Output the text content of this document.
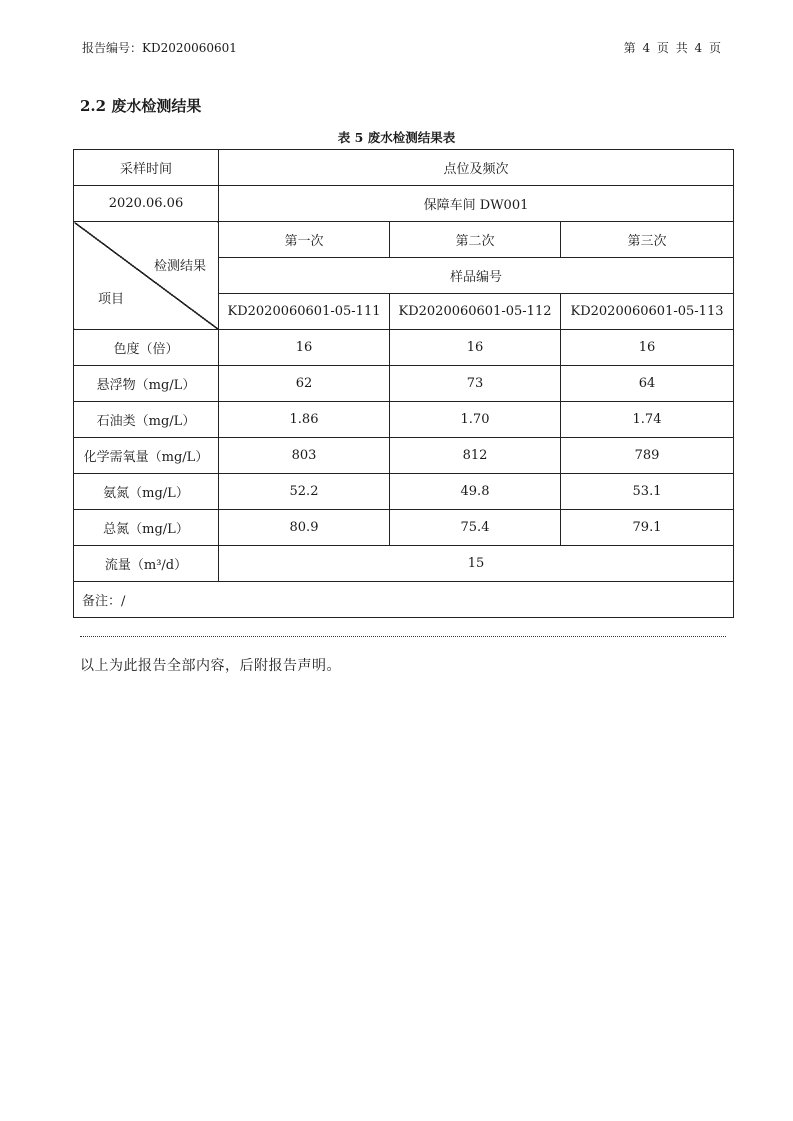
报告编号：KD2020060601	第 4 页 共 4 页
2.2 废水检测结果
表 5 废水检测结果表
采样时间	点位及频次		
2020.06.06	保障车间 DW001		

检测结果
项目	第一次	第二次	第三次
	样品编号		
	KD2020060601-05-111	KD2020060601-05-112	KD2020060601-05-113
色度（倍）	16	16	16
悬浮物（mg/L）	62	73	64
石油类（mg/L）	1.86	1.70	1.74
化学需氧量（mg/L）	803	812	789
氨氮（mg/L）	52.2	49.8	53.1
总氮（mg/L）	80.9	75.4	79.1
流量（m³/d）	15		
备注：/			
以上为此报告全部内容，后附报告声明。
